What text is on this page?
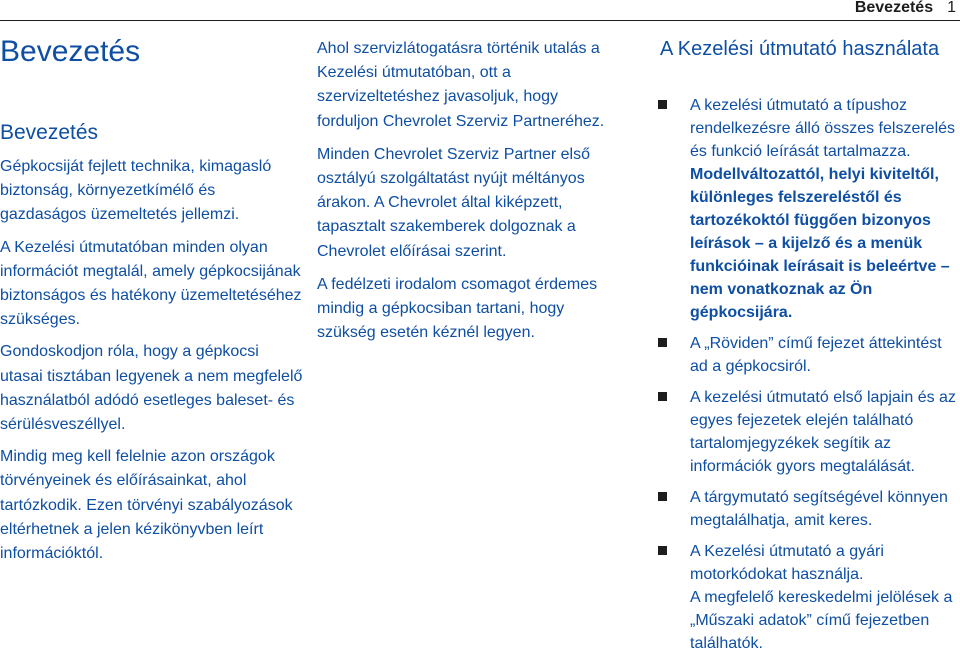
Bevezetés 1
Bevezetés
Bevezetés

Gépkocsiját fejlett technika, kimagasló biztonság, környezetkímélő és gazdaságos üzemeltetés jellemzi.

A Kezelési útmutatóban minden olyan információt megtalál, amely gépkocsijának biztonságos és hatékony üzemeltetéséhez szükséges.

Gondoskodjon róla, hogy a gépkocsi utasai tisztában legyenek a nem megfelelő használatból adódó esetleges baleset- és sérülésveszéllyel.

Mindig meg kell felelnie azon országok törvényeinek és előírásainkat, ahol tartózkodik. Ezen törvényi szabályozások eltérhetnek a jelen kézikönyvben leírt információktól.

Ahol szervizlátogatásra történik utalás a Kezelési útmutatóban, ott a szervizeltetéshez javasoljuk, hogy forduljon Chevrolet Szerviz Partneréhez.

Minden Chevrolet Szerviz Partner első osztályú szolgáltatást nyújt méltányos árakon. A Chevrolet által kiképzett, tapasztalt szakemberek dolgoznak a Chevrolet előírásai szerint.

A fedélzeti irodalom csomagot érdemes mindig a gépkocsiban tartani, hogy szükség esetén kéznél legyen.

A Kezelési útmutató használata
A kezelési útmutató a típushoz rendelkezésre álló összes felszerelés és funkció leírását tartalmazza. Modellváltozattól, helyi kiviteltől, különleges felszereléstől és tartozékoktól függően bizonyos leírások – a kijelző és a menük funkcióinak leírásait is beleértve – nem vonatkoznak az Ön gépkocsijára.
A „Röviden” című fejezet áttekintést ad a gépkocsiról.
A kezelési útmutató első lapjain és az egyes fejezetek elején található tartalomjegyzékek segítik az információk gyors megtalálását.
A tárgymutató segítségével könnyen megtalálhatja, amit keres.
A Kezelési útmutató a gyári motorkódokat használja.
A megfelelő kereskedelmi jelölések a „Műszaki adatok” című fejezetben találhatók.
